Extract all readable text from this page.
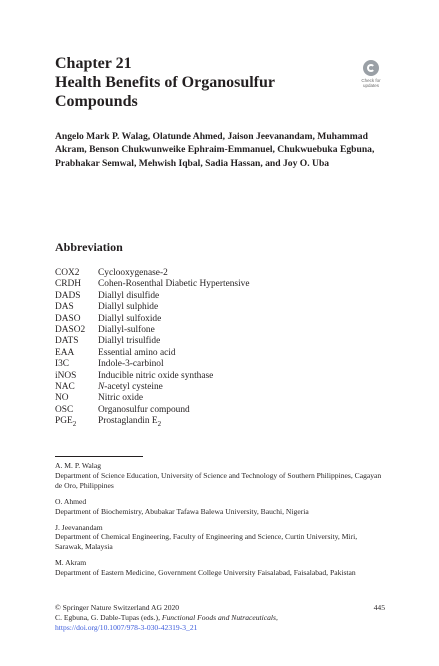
Chapter 21
Health Benefits of Organosulfur Compounds
Check for
updates
Angelo Mark P. Walag, Olatunde Ahmed, Jaison Jeevanandam, Muhammad Akram, Benson Chukwunweike Ephraim-Emmanuel, Chukwuebuka Egbuna, Prabhakar Semwal, Mehwish Iqbal, Sadia Hassan, and Joy O. Uba
Abbreviation
COX2	Cyclooxygenase-2
CRDH	Cohen-Rosenthal Diabetic Hypertensive
DADS	Diallyl disulfide
DAS	Diallyl sulphide
DASO	Diallyl sulfoxide
DASO2	Diallyl-sulfone
DATS	Diallyl trisulfide
EAA	Essential amino acid
I3C	Indole-3-carbinol
iNOS	Inducible nitric oxide synthase
NAC	N-acetyl cysteine
NO	Nitric oxide
OSC	Organosulfur compound
$PGE_2$	Prostaglandin $E_2$
A. M. P. Walag
Department of Science Education, University of Science and Technology of Southern Philippines, Cagayan de Oro, Philippines
O. Ahmed
Department of Biochemistry, Abubakar Tafawa Balewa University, Bauchi, Nigeria
J. Jeevanandam
Department of Chemical Engineering, Faculty of Engineering and Science, Curtin University, Miri, Sarawak, Malaysia
M. Akram
Department of Eastern Medicine, Government College University Faisalabad, Faisalabad, Pakistan
445
© Springer Nature Switzerland AG 2020
C. Egbuna, G. Dable-Tupas (eds.), Functional Foods and Nutraceuticals,
https://doi.org/10.1007/978-3-030-42319-3_21
